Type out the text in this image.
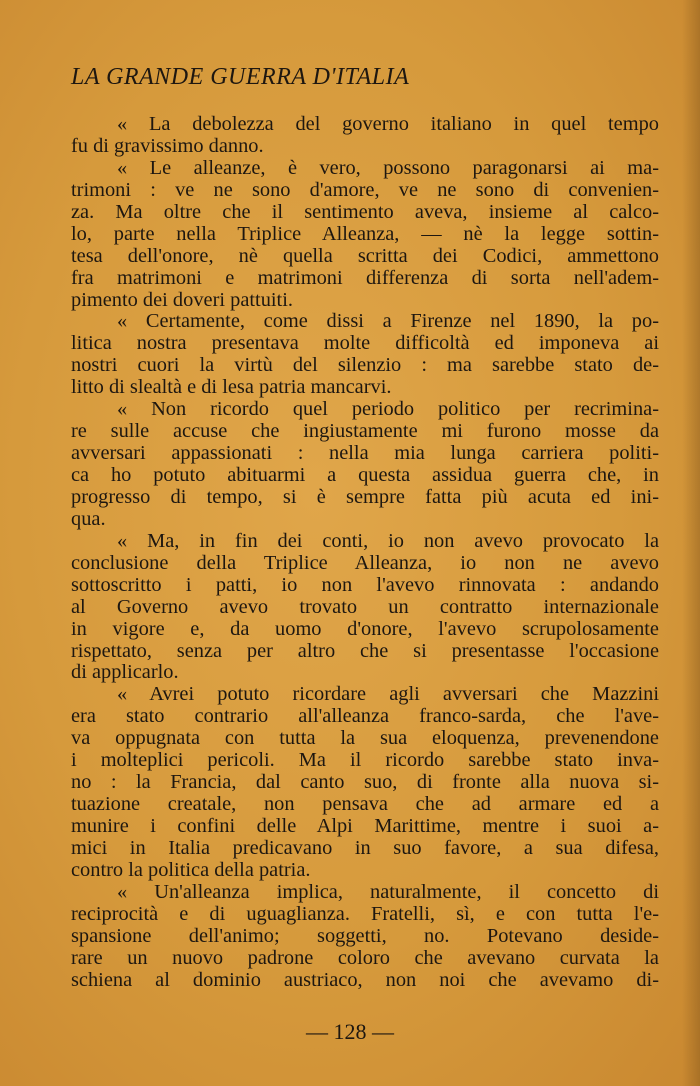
LA GRANDE GUERRA D'ITALIA
« La debolezza del governo italiano in quel tempo
fu di gravissimo danno.
« Le alleanze, è vero, possono paragonarsi ai ma-
trimoni : ve ne sono d'amore, ve ne sono di convenien-
za. Ma oltre che il sentimento aveva, insieme al calco-
lo, parte nella Triplice Alleanza, — nè la legge sottin-
tesa dell'onore, nè quella scritta dei Codici, ammettono
fra matrimoni e matrimoni differenza di sorta nell'adem-
pimento dei doveri pattuiti.
« Certamente, come dissi a Firenze nel 1890, la po-
litica nostra presentava molte difficoltà ed imponeva ai
nostri cuori la virtù del silenzio : ma sarebbe stato de-
litto di slealtà e di lesa patria mancarvi.
« Non ricordo quel periodo politico per recrimina-
re sulle accuse che ingiustamente mi furono mosse da
avversari appassionati : nella mia lunga carriera politi-
ca ho potuto abituarmi a questa assidua guerra che, in
progresso di tempo, si è sempre fatta più acuta ed ini-
qua.
« Ma, in fin dei conti, io non avevo provocato la
conclusione della Triplice Alleanza, io non ne avevo
sottoscritto i patti, io non l'avevo rinnovata : andando
al Governo avevo trovato un contratto internazionale
in vigore e, da uomo d'onore, l'avevo scrupolosamente
rispettato, senza per altro che si presentasse l'occasione
di applicarlo.
« Avrei potuto ricordare agli avversari che Mazzini
era stato contrario all'alleanza franco-sarda, che l'ave-
va oppugnata con tutta la sua eloquenza, prevenendone
i molteplici pericoli. Ma il ricordo sarebbe stato inva-
no : la Francia, dal canto suo, di fronte alla nuova si-
tuazione creatale, non pensava che ad armare ed a
munire i confini delle Alpi Marittime, mentre i suoi a-
mici in Italia predicavano in suo favore, a sua difesa,
contro la politica della patria.
« Un'alleanza implica, naturalmente, il concetto di
reciprocità e di uguaglianza. Fratelli, sì, e con tutta l'e-
spansione dell'animo; soggetti, no. Potevano deside-
rare un nuovo padrone coloro che avevano curvata la
schiena al dominio austriaco, non noi che avevamo di-
— 128 —
